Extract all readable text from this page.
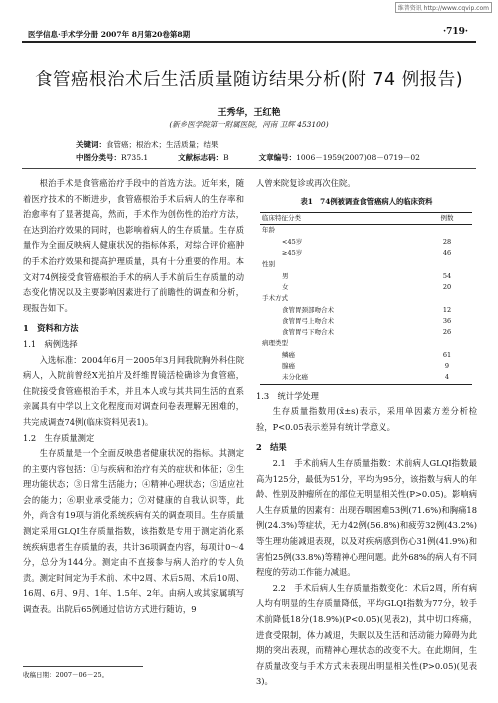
维普资讯 http://www.cqvip.com
医学信息·手术学分册 2007年 8月第20卷第8期	·719·
食管癌根治术后生活质量随访结果分析(附 74 例报告)
王秀华，王红艳
(新乡医学院第一附属医院，河南 卫辉 453100)
关键词：食管癌；根治术；生活质量；结果
中图分类号：R735.1	文献标志码：B	文章编号：1006－1959(2007)08－0719－02

根治手术是食管癌治疗手段中的首选方法。近年来，随着医疗技术的不断进步，食管癌根治手术后病人的生存率和治愈率有了显著提高，然而，手术作为创伤性的治疗方法，在达到治疗效果的同时，也影响着病人的生存质量。生存质量作为全面反映病人健康状况的指标体系，对综合评价癌肿的手术治疗效果和提高护理质量，具有十分重要的作用。本文对74例接受食管癌根治手术的病人手术前后生存质量的动态变化情况以及主要影响因素进行了前瞻性的调查和分析，现报告如下。

1　资料和方法

1.1　病例选择

入选标准：2004年6月－2005年3月间我院胸外科住院病人，入院前曾经X光拍片及纤维胃镜活检确诊为食管癌，住院接受食管癌根治手术，并且本人或与其共同生活的直系亲属具有中学以上文化程度而对调查问卷表理解无困难的，共完成调查74例(临床资料见表1)。

1.2　生存质量测定

生存质量是一个全面反映患者健康状况的指标。其测定的主要内容包括：①与疾病和治疗有关的症状和体征；②生理功能状态；③日常生活能力；④精神心理状态；⑤适应社会的能力；⑥职业承受能力；⑦对健康的自我认识等，此外，尚含有19项与消化系统疾病有关的调查项目。生存质量测定采用GLQI生存质量指数，该指数是专用于测定消化系统疾病患者生存质量的表，共计36项调查内容，每项计0～4分，总分为144分。测定由不直接参与病人治疗的专人负责。测定时间定为手术前、术中2周、术后5周、术后10周、16周、6月、9月、1年、1.5年、2年。由病人或其家属填写调查表。出院后65例通过信访方式进行随访，9

收稿日期：2007－06－25。

人曾来院复诊或再次住院。

表1　74例被调查食管癌病人的临床资料
临床特征分类	例数
年龄	
<45岁	28
≥45岁	46
性别	
男	54
女	20
手术方式	
食管胃颈部吻合术	12
食管胃弓上吻合术	36
食管胃弓下吻合术	26
病理类型	
鳞癌	61
腺癌	9
未分化癌	4

1.3　统计学处理

生存质量指数用(x̄±s)表示，采用单因素方差分析检验，P<0.05表示差异有统计学意义。

2　结果

2.1　手术前病人生存质量指数：术前病人GLQI指数最高为125分，最低为51分，平均为95分，该指数与病人的年龄、性别及肿瘤所在的部位无明显相关性(P>0.05)。影响病人生存质量的因素有：出现吞咽困难53例(71.6%)和胸痛18例(24.3%)等症状，无力42例(56.8%)和疲劳32例(43.2%)等生理功能减退表现，以及对疾病感到伤心31例(41.9%)和害怕25例(33.8%)等精神心理问题。此外68%的病人有不同程度的劳动工作能力减退。

2.2　手术后病人生存质量指数变化：术后2周，所有病人均有明显的生存质量降低，平均GLQI指数为77分，较手术前降低18分(18.9%)(P<0.05)(见表2)，其中切口疼痛，进食受限制，体力减退，失眠以及生活和活动能力障碍为此期的突出表现，而精神心理状态的改变不大。在此期间，生存质量改变与手术方式未表现出明显相关性(P>0.05)(见表3)。
